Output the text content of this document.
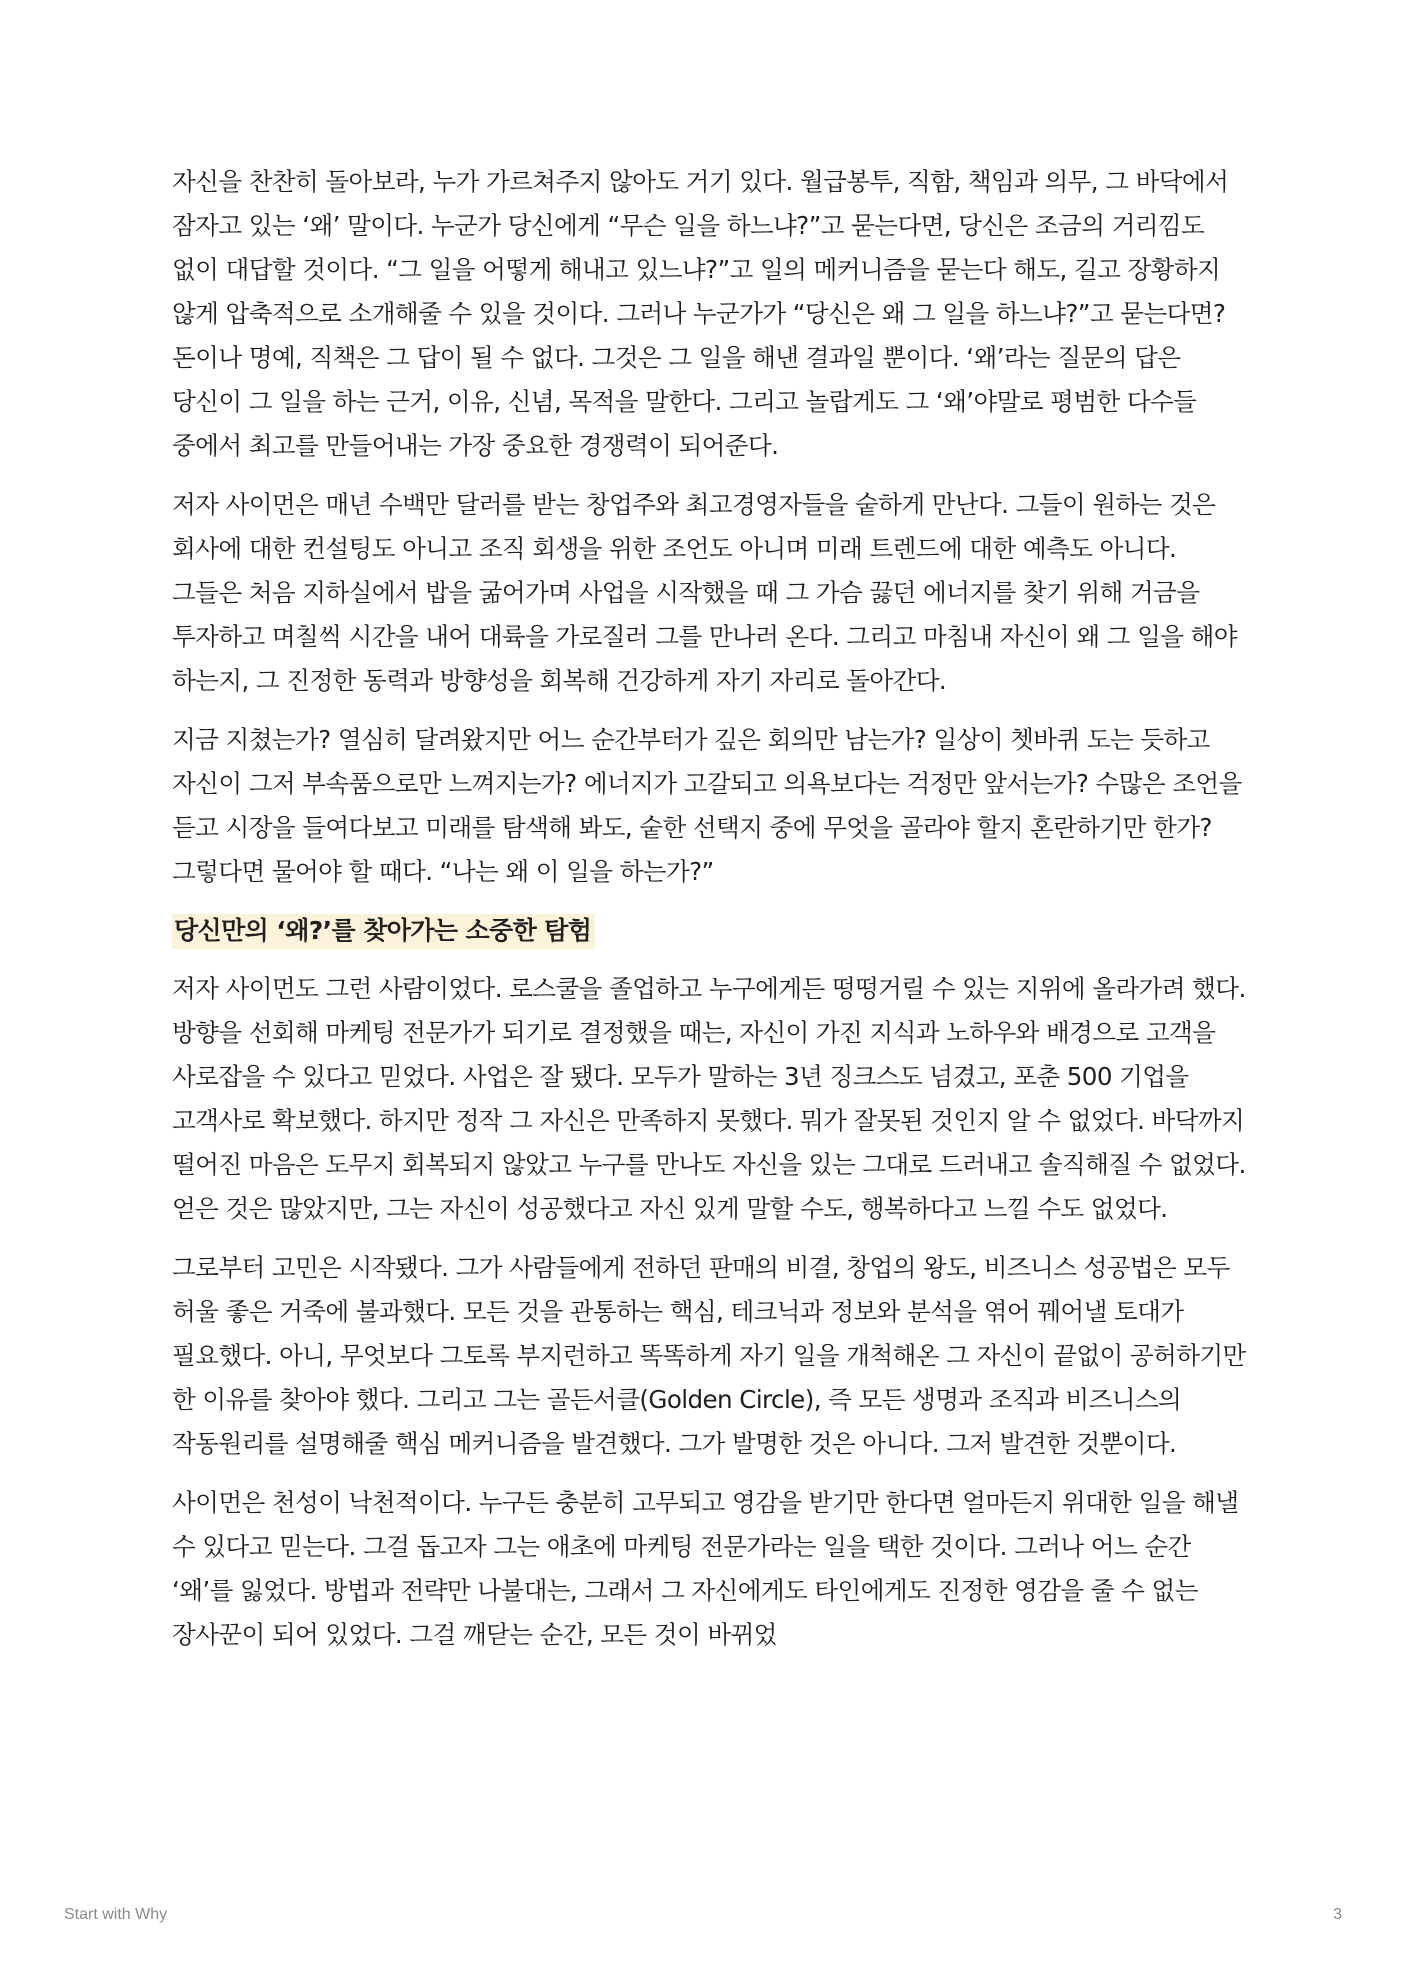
자신을 찬찬히 돌아보라, 누가 가르쳐주지 않아도 거기 있다. 월급봉투, 직함, 책임과 의무, 그 바닥에서 잠자고 있는 ‘왜’ 말이다. 누군가 당신에게 “무슨 일을 하느냐?”고 묻는다면, 당신은 조금의 거리낌도 없이 대답할 것이다. “그 일을 어떻게 해내고 있느냐?”고 일의 메커니즘을 묻는다 해도, 길고 장황하지 않게 압축적으로 소개해줄 수 있을 것이다. 그러나 누군가가 “당신은 왜 그 일을 하느냐?”고 묻는다면? 돈이나 명예, 직책은 그 답이 될 수 없다. 그것은 그 일을 해낸 결과일 뿐이다. ‘왜’라는 질문의 답은 당신이 그 일을 하는 근거, 이유, 신념, 목적을 말한다. 그리고 놀랍게도 그 ‘왜’야말로 평범한 다수들 중에서 최고를 만들어내는 가장 중요한 경쟁력이 되어준다.

저자 사이먼은 매년 수백만 달러를 받는 창업주와 최고경영자들을 숱하게 만난다. 그들이 원하는 것은 회사에 대한 컨설팅도 아니고 조직 회생을 위한 조언도 아니며 미래 트렌드에 대한 예측도 아니다. 그들은 처음 지하실에서 밥을 굶어가며 사업을 시작했을 때 그 가슴 끓던 에너지를 찾기 위해 거금을 투자하고 며칠씩 시간을 내어 대륙을 가로질러 그를 만나러 온다. 그리고 마침내 자신이 왜 그 일을 해야 하는지, 그 진정한 동력과 방향성을 회복해 건강하게 자기 자리로 돌아간다.

지금 지쳤는가? 열심히 달려왔지만 어느 순간부터가 깊은 회의만 남는가? 일상이 쳇바퀴 도는 듯하고 자신이 그저 부속품으로만 느껴지는가? 에너지가 고갈되고 의욕보다는 걱정만 앞서는가? 수많은 조언을 듣고 시장을 들여다보고 미래를 탐색해 봐도, 숱한 선택지 중에 무엇을 골라야 할지 혼란하기만 한가? 그렇다면 물어야 할 때다. “나는 왜 이 일을 하는가?”

당신만의 ‘왜?’를 찾아가는 소중한 탐험

저자 사이먼도 그런 사람이었다. 로스쿨을 졸업하고 누구에게든 떵떵거릴 수 있는 지위에 올라가려 했다. 방향을 선회해 마케팅 전문가가 되기로 결정했을 때는, 자신이 가진 지식과 노하우와 배경으로 고객을 사로잡을 수 있다고 믿었다. 사업은 잘 됐다. 모두가 말하는 3년 징크스도 넘겼고, 포춘 500 기업을 고객사로 확보했다. 하지만 정작 그 자신은 만족하지 못했다. 뭐가 잘못된 것인지 알 수 없었다. 바닥까지 떨어진 마음은 도무지 회복되지 않았고 누구를 만나도 자신을 있는 그대로 드러내고 솔직해질 수 없었다. 얻은 것은 많았지만, 그는 자신이 성공했다고 자신 있게 말할 수도, 행복하다고 느낄 수도 없었다.

그로부터 고민은 시작됐다. 그가 사람들에게 전하던 판매의 비결, 창업의 왕도, 비즈니스 성공법은 모두 허울 좋은 거죽에 불과했다. 모든 것을 관통하는 핵심, 테크닉과 정보와 분석을 엮어 꿰어낼 토대가 필요했다. 아니, 무엇보다 그토록 부지런하고 똑똑하게 자기 일을 개척해온 그 자신이 끝없이 공허하기만 한 이유를 찾아야 했다. 그리고 그는 골든서클(Golden Circle), 즉 모든 생명과 조직과 비즈니스의 작동원리를 설명해줄 핵심 메커니즘을 발견했다. 그가 발명한 것은 아니다. 그저 발견한 것뿐이다.

사이먼은 천성이 낙천적이다. 누구든 충분히 고무되고 영감을 받기만 한다면 얼마든지 위대한 일을 해낼 수 있다고 믿는다. 그걸 돕고자 그는 애초에 마케팅 전문가라는 일을 택한 것이다. 그러나 어느 순간 ‘왜’를 잃었다. 방법과 전략만 나불대는, 그래서 그 자신에게도 타인에게도 진정한 영감을 줄 수 없는 장사꾼이 되어 있었다. 그걸 깨닫는 순간, 모든 것이 바뀌었

Start with Why	3
